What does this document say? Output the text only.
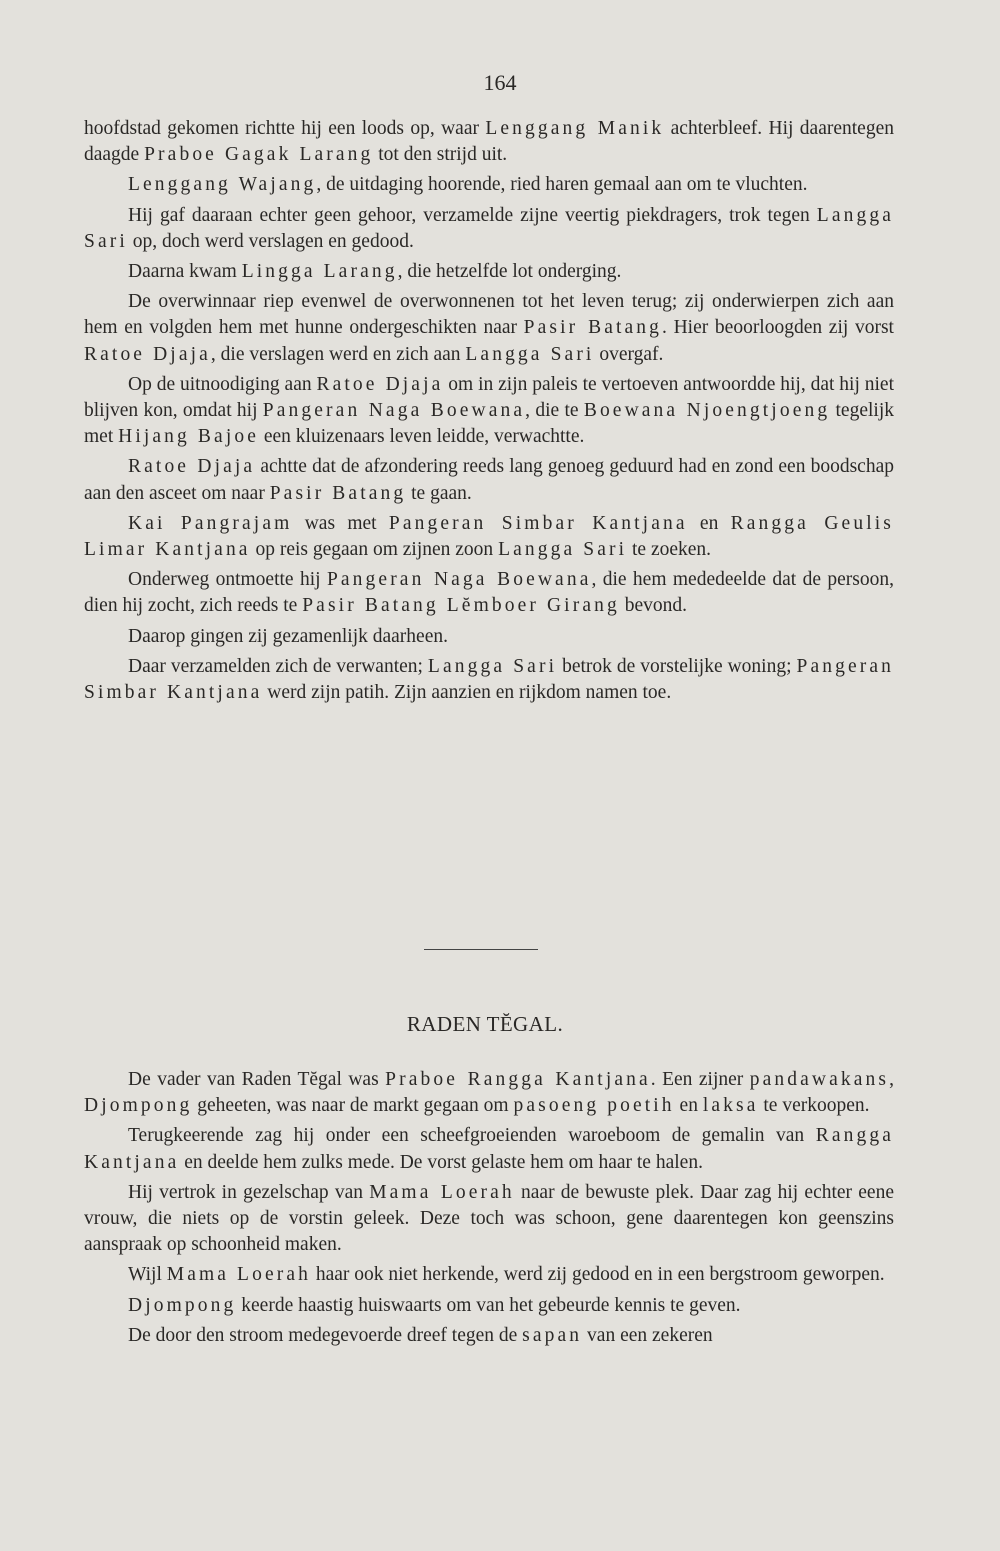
164

hoofdstad gekomen richtte hij een loods op, waar Lenggang Manik achterbleef. Hij daarentegen daagde Praboe Gagak Larang tot den strijd uit.

Lenggang Wajang, de uitdaging hoorende, ried haren gemaal aan om te vluchten.

Hij gaf daaraan echter geen gehoor, verzamelde zijne veertig piekdragers, trok tegen Langga Sari op, doch werd verslagen en gedood.

Daarna kwam Lingga Larang, die hetzelfde lot onderging.

De overwinnaar riep evenwel de overwonnenen tot het leven terug; zij onderwierpen zich aan hem en volgden hem met hunne ondergeschikten naar Pasir Batang. Hier beoorloogden zij vorst Ratoe Djaja, die verslagen werd en zich aan Langga Sari overgaf.

Op de uitnoodiging aan Ratoe Djaja om in zijn paleis te vertoeven antwoordde hij, dat hij niet blijven kon, omdat hij Pangeran Naga Boewana, die te Boewana Njoengtjoeng tegelijk met Hijang Bajoe een kluizenaars leven leidde, verwachtte.

Ratoe Djaja achtte dat de afzondering reeds lang genoeg geduurd had en zond een boodschap aan den asceet om naar Pasir Batang te gaan.

Kai Pangrajam was met Pangeran Simbar Kantjana en Rangga Geulis Limar Kantjana op reis gegaan om zijnen zoon Langga Sari te zoeken.

Onderweg ontmoette hij Pangeran Naga Boewana, die hem mededeelde dat de persoon, dien hij zocht, zich reeds te Pasir Batang Lĕmboer Girang bevond.

Daarop gingen zij gezamenlijk daarheen.

Daar verzamelden zich de verwanten; Langga Sari betrok de vorstelijke woning; Pangeran Simbar Kantjana werd zijn patih. Zijn aanzien en rijkdom namen toe.

RADEN TĔGAL.

De vader van Raden Tĕgal was Praboe Rangga Kantjana. Een zijner pandawakans, Djompong geheeten, was naar de markt gegaan om pasoeng poetih en laksa te verkoopen.

Terugkeerende zag hij onder een scheefgroeienden waroeboom de gemalin van Rangga Kantjana en deelde hem zulks mede. De vorst gelaste hem om haar te halen.

Hij vertrok in gezelschap van Mama Loerah naar de bewuste plek. Daar zag hij echter eene vrouw, die niets op de vorstin geleek. Deze toch was schoon, gene daarentegen kon geenszins aanspraak op schoonheid maken.

Wijl Mama Loerah haar ook niet herkende, werd zij gedood en in een bergstroom geworpen.

Djompong keerde haastig huiswaarts om van het gebeurde kennis te geven.

De door den stroom medegevoerde dreef tegen de sapan van een zekeren
